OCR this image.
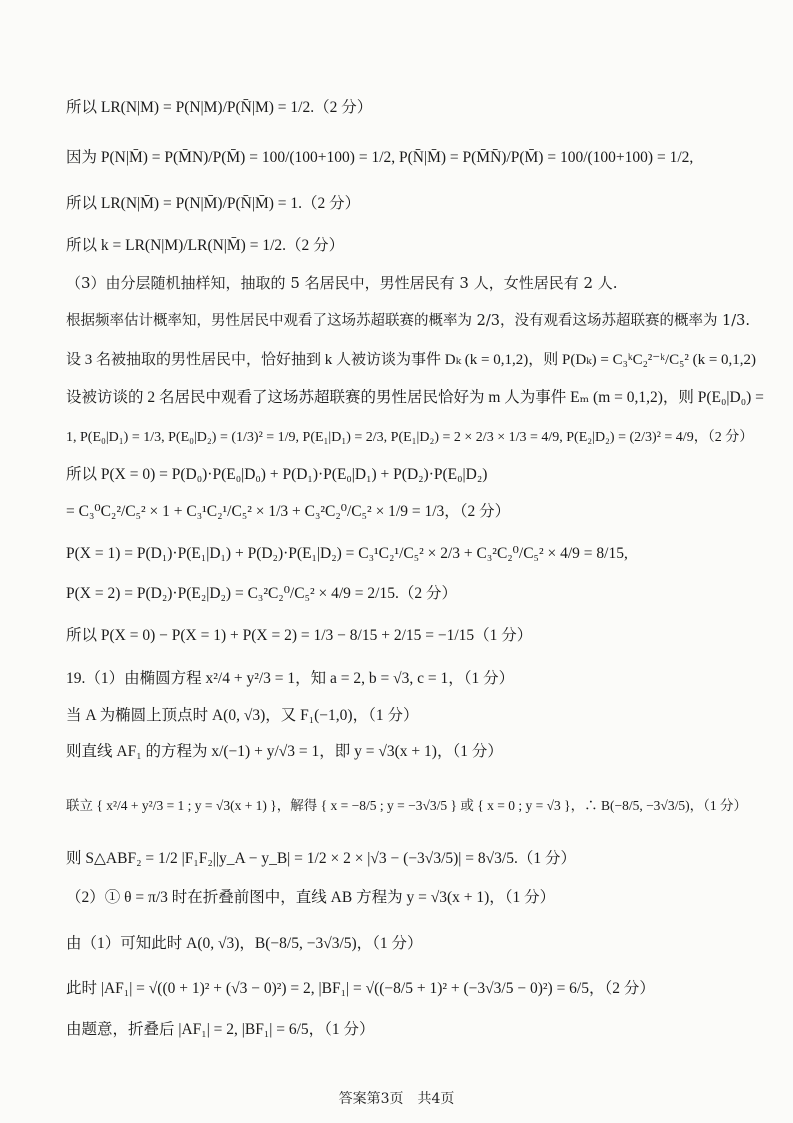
所以 LR(N|M) = P(N|M)/P(N̄|M) = 1/2.（2 分）
因为 P(N|M̄) = P(M̄N)/P(M̄) = 100/(100+100) = 1/2, P(N̄|M̄) = P(M̄N̄)/P(M̄) = 100/(100+100) = 1/2,
所以 LR(N|M̄) = P(N|M̄)/P(N̄|M̄) = 1.（2 分）
所以 k = LR(N|M)/LR(N|M̄) = 1/2.（2 分）
（3）由分层随机抽样知，抽取的 5 名居民中，男性居民有 3 人，女性居民有 2 人.
根据频率估计概率知，男性居民中观看了这场苏超联赛的概率为 2/3，没有观看这场苏超联赛的概率为 1/3.
设 3 名被抽取的男性居民中，恰好抽到 k 人被访谈为事件 Dₖ (k = 0,1,2)，则 P(Dₖ) = C₃ᵏC₂²⁻ᵏ/C₅² (k = 0,1,2)
设被访谈的 2 名居民中观看了这场苏超联赛的男性居民恰好为 m 人为事件 Eₘ (m = 0,1,2)，则 P(E₀|D₀) =
1, P(E₀|D₁) = 1/3, P(E₀|D₂) = (1/3)² = 1/9, P(E₁|D₁) = 2/3, P(E₁|D₂) = 2 × 2/3 × 1/3 = 4/9, P(E₂|D₂) = (2/3)² = 4/9，（2 分）
所以 P(X = 0) = P(D₀)·P(E₀|D₀) + P(D₁)·P(E₀|D₁) + P(D₂)·P(E₀|D₂)
= C₃⁰C₂²/C₅² × 1 + C₃¹C₂¹/C₅² × 1/3 + C₃²C₂⁰/C₅² × 1/9 = 1/3，（2 分）
P(X = 1) = P(D₁)·P(E₁|D₁) + P(D₂)·P(E₁|D₂) = C₃¹C₂¹/C₅² × 2/3 + C₃²C₂⁰/C₅² × 4/9 = 8/15,
P(X = 2) = P(D₂)·P(E₂|D₂) = C₃²C₂⁰/C₅² × 4/9 = 2/15.（2 分）
所以 P(X = 0) − P(X = 1) + P(X = 2) = 1/3 − 8/15 + 2/15 = −1/15（1 分）
19.（1）由椭圆方程 x²/4 + y²/3 = 1，知 a = 2, b = √3, c = 1，（1 分）
当 A 为椭圆上顶点时 A(0, √3)，又 F₁(−1,0)，（1 分）
则直线 AF₁ 的方程为 x/(−1) + y/√3 = 1，即 y = √3(x + 1)，（1 分）
联立 { x²/4 + y²/3 = 1 ; y = √3(x + 1) }，解得 { x = −8/5 ; y = −3√3/5 } 或 { x = 0 ; y = √3 }，∴ B(−8/5, −3√3/5)，（1 分）
则 S△ABF₂ = 1/2 |F₁F₂||y_A − y_B| = 1/2 × 2 × |√3 − (−3√3/5)| = 8√3/5.（1 分）
（2）① θ = π/3 时在折叠前图中，直线 AB 方程为 y = √3(x + 1)，（1 分）
由（1）可知此时 A(0, √3)，B(−8/5, −3√3/5)，（1 分）
此时 |AF₁| = √((0 + 1)² + (√3 − 0)²) = 2, |BF₁| = √((−8/5 + 1)² + (−3√3/5 − 0)²) = 6/5，（2 分）
由题意，折叠后 |AF₁| = 2, |BF₁| = 6/5，（1 分）
答案第3页　共4页
